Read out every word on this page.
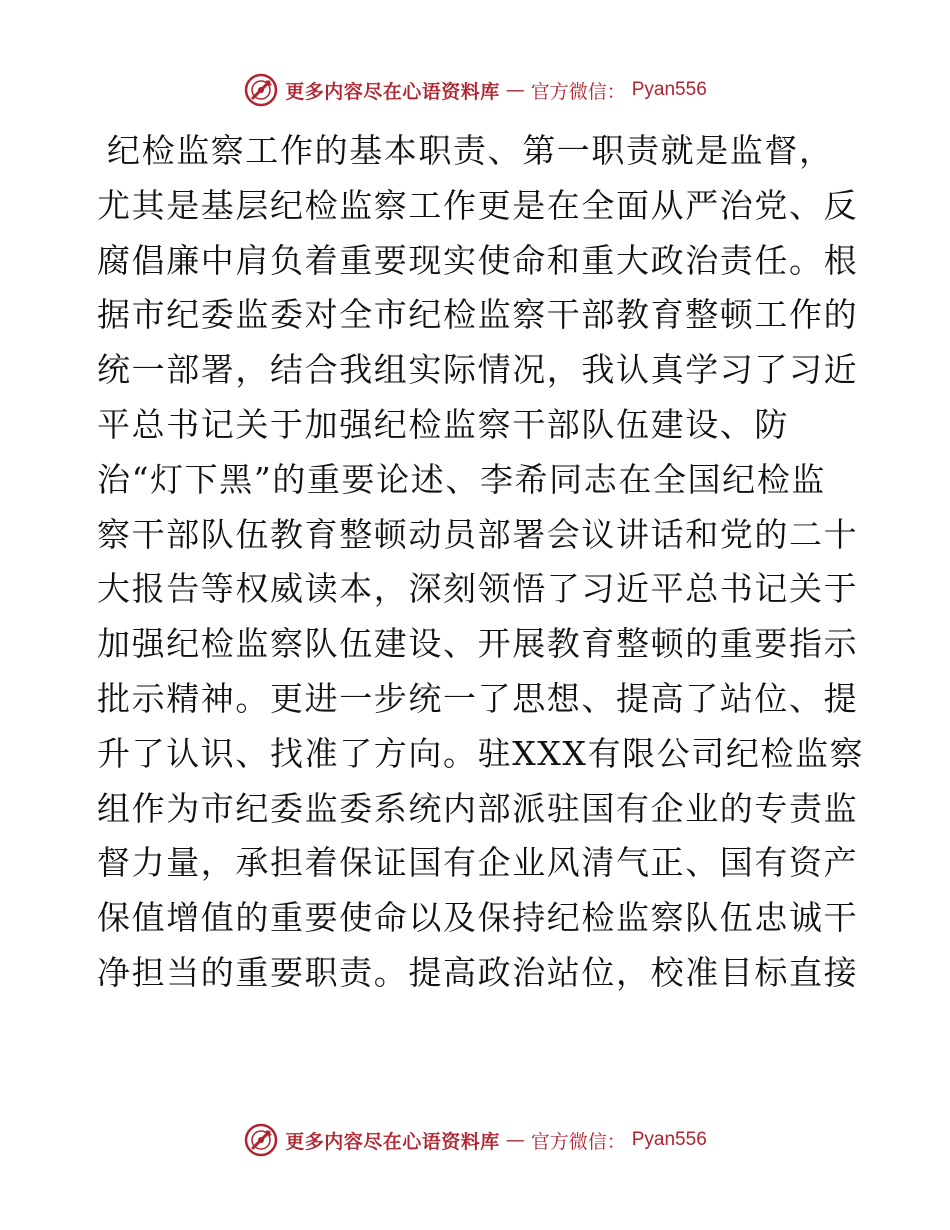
更多内容尽在心语资料库 — 官方微信： Pyan556
纪检监察工作的基本职责、第一职责就是监督，
尤其是基层纪检监察工作更是在全面从严治党、反
腐倡廉中肩负着重要现实使命和重大政治责任。根
据市纪委监委对全市纪检监察干部教育整顿工作的
统一部署，结合我组实际情况，我认真学习了习近
平总书记关于加强纪检监察干部队伍建设、防
治“灯下黑”的重要论述、李希同志在全国纪检监
察干部队伍教育整顿动员部署会议讲话和党的二十
大报告等权威读本，深刻领悟了习近平总书记关于
加强纪检监察队伍建设、开展教育整顿的重要指示
批示精神。更进一步统一了思想、提高了站位、提
升了认识、找准了方向。驻XXX有限公司纪检监察
组作为市纪委监委系统内部派驻国有企业的专责监
督力量，承担着保证国有企业风清气正、国有资产
保值增值的重要使命以及保持纪检监察队伍忠诚干
净担当的重要职责。提高政治站位，校准目标直接
更多内容尽在心语资料库 — 官方微信： Pyan556
